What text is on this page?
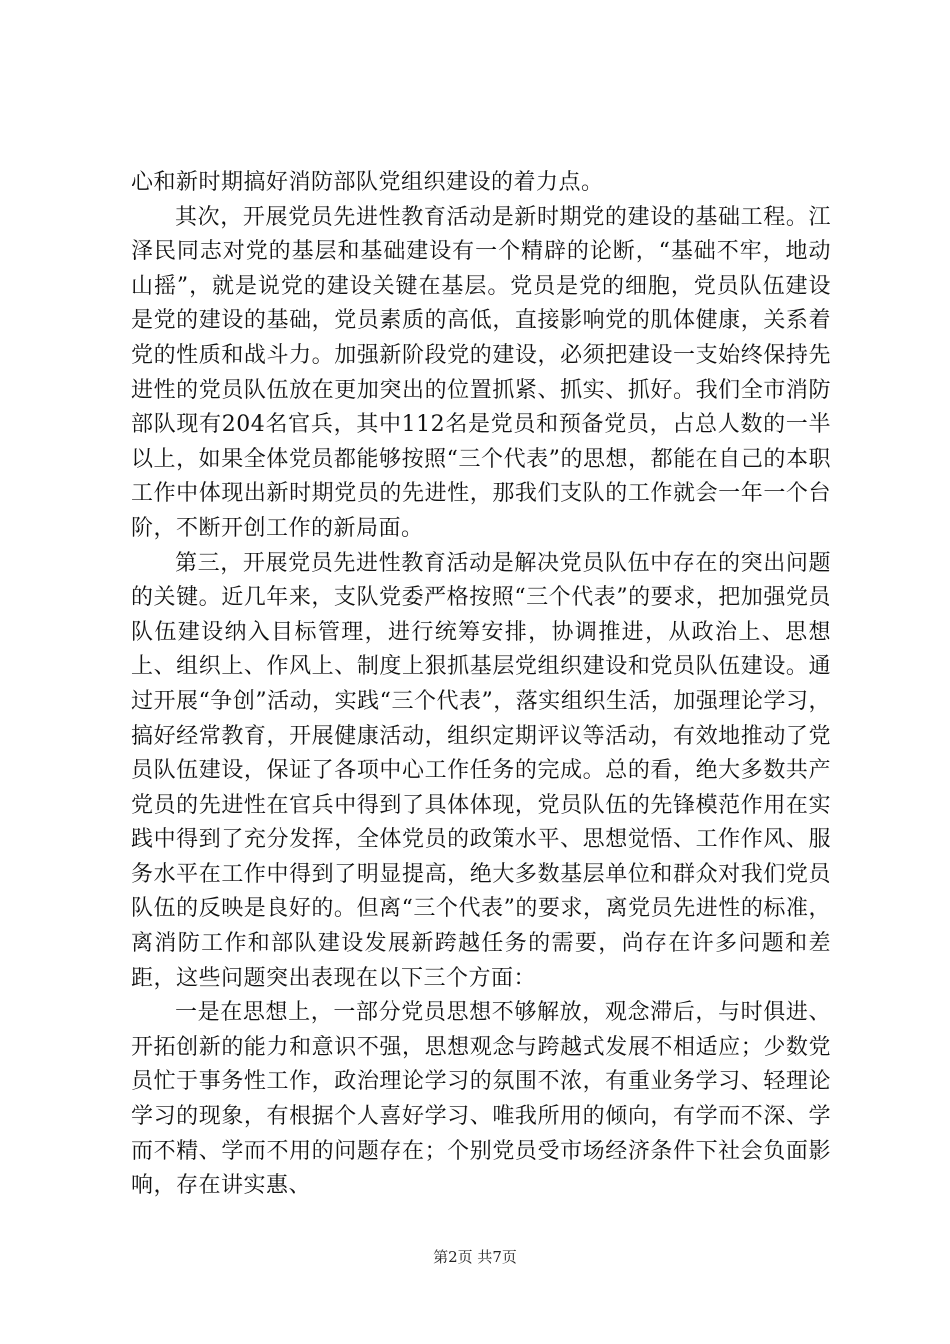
心和新时期搞好消防部队党组织建设的着力点。

其次，开展党员先进性教育活动是新时期党的建设的基础工程。江泽民同志对党的基层和基础建设有一个精辟的论断，“基础不牢，地动山摇”，就是说党的建设关键在基层。党员是党的细胞，党员队伍建设是党的建设的基础，党员素质的高低，直接影响党的肌体健康，关系着党的性质和战斗力。加强新阶段党的建设，必须把建设一支始终保持先进性的党员队伍放在更加突出的位置抓紧、抓实、抓好。我们全市消防部队现有204名官兵，其中112名是党员和预备党员，占总人数的一半以上，如果全体党员都能够按照“三个代表”的思想，都能在自己的本职工作中体现出新时期党员的先进性，那我们支队的工作就会一年一个台阶，不断开创工作的新局面。

第三，开展党员先进性教育活动是解决党员队伍中存在的突出问题的关键。近几年来，支队党委严格按照“三个代表”的要求，把加强党员队伍建设纳入目标管理，进行统筹安排，协调推进，从政治上、思想上、组织上、作风上、制度上狠抓基层党组织建设和党员队伍建设。通过开展“争创”活动，实践“三个代表”，落实组织生活，加强理论学习，搞好经常教育，开展健康活动，组织定期评议等活动，有效地推动了党员队伍建设，保证了各项中心工作任务的完成。总的看，绝大多数共产党员的先进性在官兵中得到了具体体现，党员队伍的先锋模范作用在实践中得到了充分发挥，全体党员的政策水平、思想觉悟、工作作风、服务水平在工作中得到了明显提高，绝大多数基层单位和群众对我们党员队伍的反映是良好的。但离“三个代表”的要求，离党员先进性的标准，离消防工作和部队建设发展新跨越任务的需要，尚存在许多问题和差距，这些问题突出表现在以下三个方面：

一是在思想上，一部分党员思想不够解放，观念滞后，与时俱进、开拓创新的能力和意识不强，思想观念与跨越式发展不相适应；少数党员忙于事务性工作，政治理论学习的氛围不浓，有重业务学习、轻理论学习的现象，有根据个人喜好学习、唯我所用的倾向，有学而不深、学而不精、学而不用的问题存在；个别党员受市场经济条件下社会负面影响，存在讲实惠、

第2页 共7页
